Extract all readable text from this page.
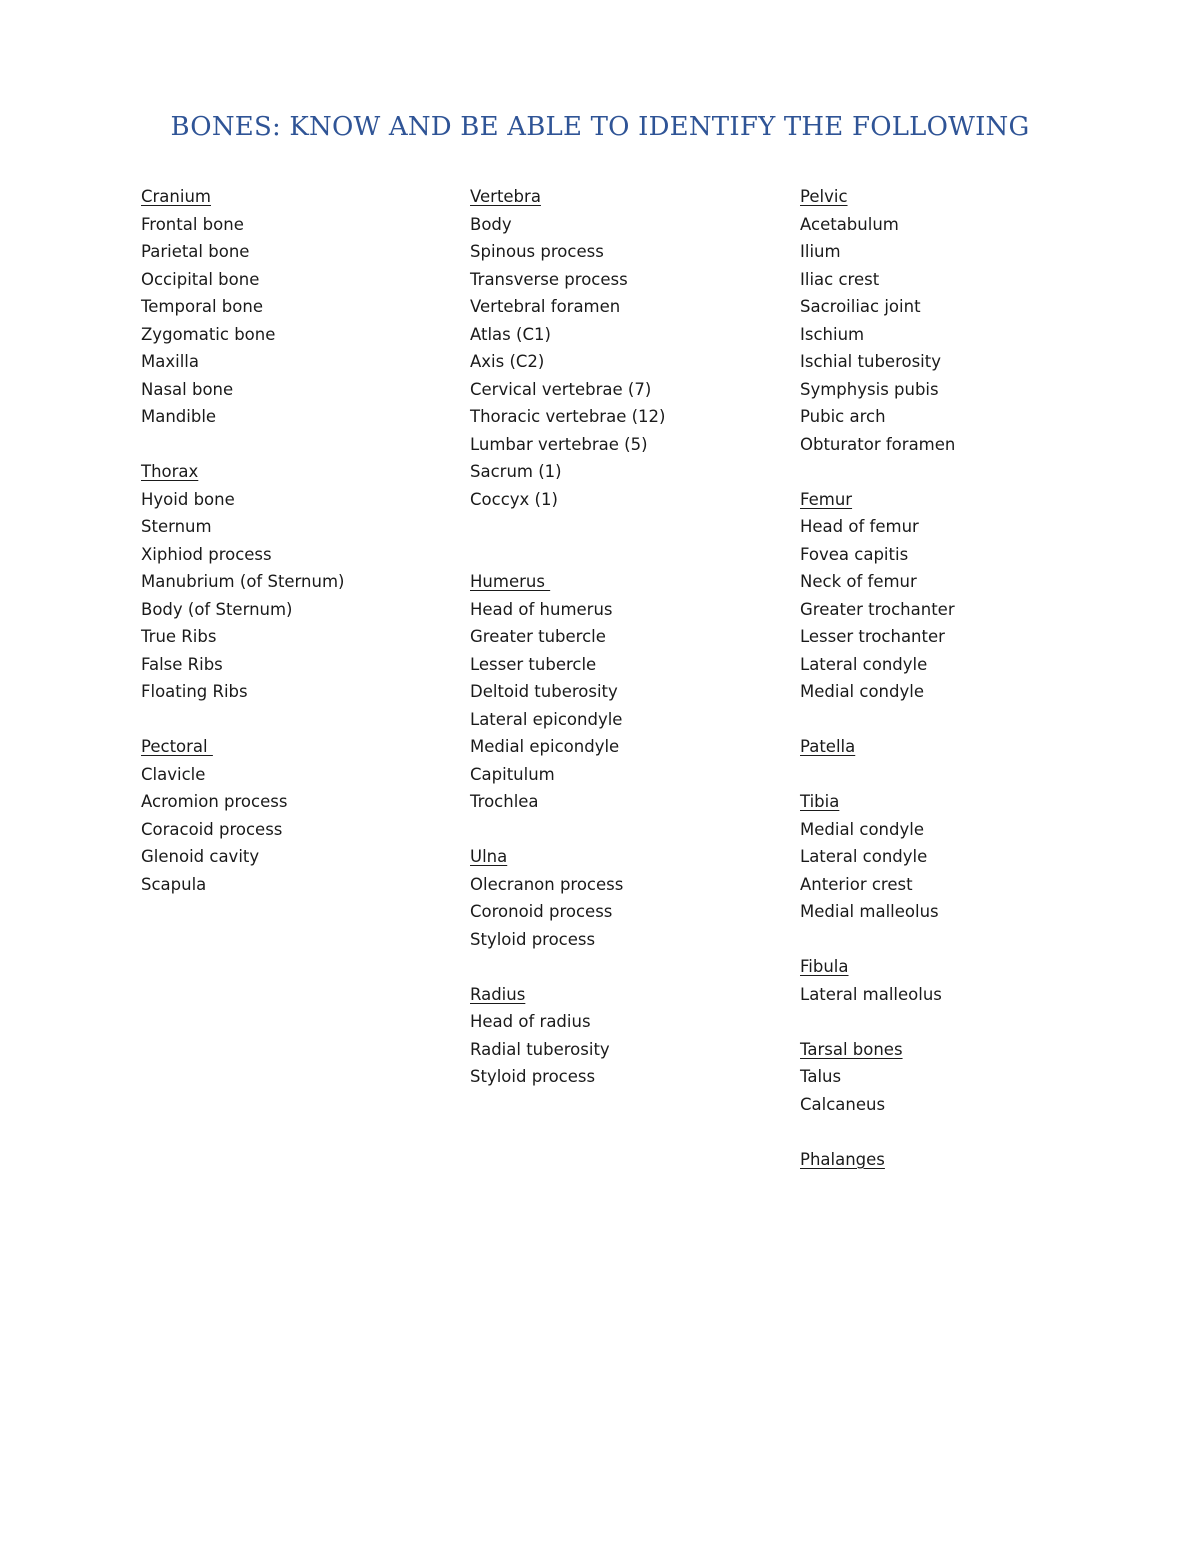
BONES: KNOW AND BE ABLE TO IDENTIFY THE FOLLOWING
Cranium
Frontal bone
Parietal bone
Occipital bone
Temporal bone
Zygomatic bone
Maxilla
Nasal bone
Mandible
Thorax
Hyoid bone
Sternum
Xiphiod process
Manubrium (of Sternum)
Body (of Sternum)
True Ribs
False Ribs
Floating Ribs
Pectoral
Clavicle
Acromion process
Coracoid process
Glenoid cavity
Scapula
Vertebra
Body
Spinous process
Transverse process
Vertebral foramen
Atlas (C1)
Axis (C2)
Cervical vertebrae (7)
Thoracic vertebrae (12)
Lumbar vertebrae (5)
Sacrum (1)
Coccyx (1)
Humerus
Head of humerus
Greater tubercle
Lesser tubercle
Deltoid tuberosity
Lateral epicondyle
Medial epicondyle
Capitulum
Trochlea
Ulna
Olecranon process
Coronoid process
Styloid process
Radius
Head of radius
Radial tuberosity
Styloid process
Pelvic
Acetabulum
Ilium
Iliac crest
Sacroiliac joint
Ischium
Ischial tuberosity
Symphysis pubis
Pubic arch
Obturator foramen
Femur
Head of femur
Fovea capitis
Neck of femur
Greater trochanter
Lesser trochanter
Lateral condyle
Medial condyle
Patella
Tibia
Medial condyle
Lateral condyle
Anterior crest
Medial malleolus
Fibula
Lateral malleolus
Tarsal bones
Talus
Calcaneus
Phalanges
